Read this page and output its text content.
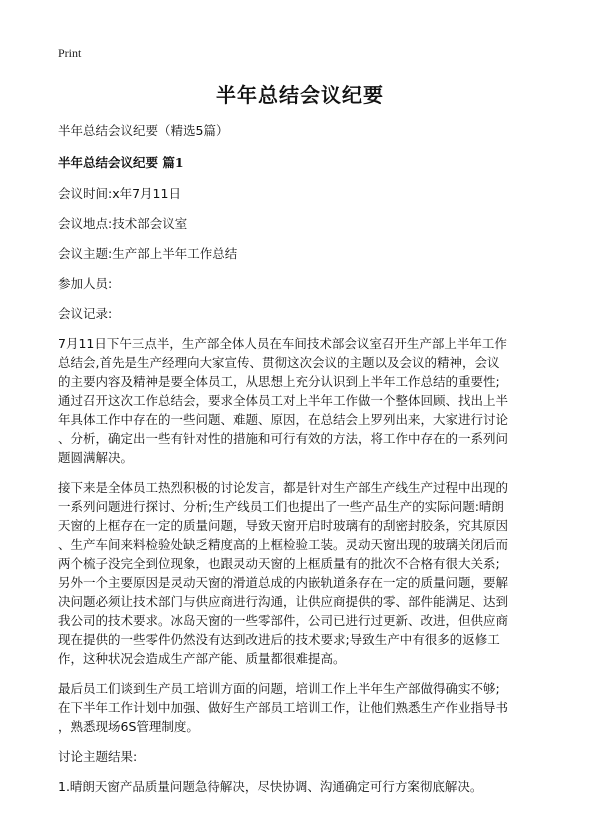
Print
半年总结会议纪要

半年总结会议纪要（精选5篇）

半年总结会议纪要 篇1

会议时间:x年7月11日

会议地点:技术部会议室

会议主题:生产部上半年工作总结

参加人员:

会议记录:

7月11日下午三点半，生产部全体人员在车间技术部会议室召开生产部上半年工作
总结会,首先是生产经理向大家宣传、贯彻这次会议的主题以及会议的精神，会议
的主要内容及精神是要全体员工，从思想上充分认识到上半年工作总结的重要性;
通过召开这次工作总结会，要求全体员工对上半年工作做一个整体回顾、找出上半
年具体工作中存在的一些问题、难题、原因，在总结会上罗列出来，大家进行讨论
、分析，确定出一些有针对性的措施和可行有效的方法，将工作中存在的一系列问
题圆满解决。
接下来是全体员工热烈积极的讨论发言，都是针对生产部生产线生产过程中出现的
一系列问题进行探讨、分析;生产线员工们也提出了一些产品生产的实际问题:晴朗
天窗的上框存在一定的质量问题，导致天窗开启时玻璃有的刮密封胶条，究其原因
、生产车间来料检验处缺乏精度高的上框检验工装。灵动天窗出现的玻璃关闭后而
两个梳子没完全到位现象，也跟灵动天窗的上框质量有的批次不合格有很大关系;
另外一个主要原因是灵动天窗的滑道总成的内嵌轨道条存在一定的质量问题，要解
决问题必须让技术部门与供应商进行沟通，让供应商提供的零、部件能满足、达到
我公司的技术要求。冰岛天窗的一些零部件，公司已进行过更新、改进，但供应商
现在提供的一些零件仍然没有达到改进后的技术要求;导致生产中有很多的返修工
作，这种状况会造成生产部产能、质量都很难提高。
最后员工们谈到生产员工培训方面的问题，培训工作上半年生产部做得确实不够;
在下半年工作计划中加强、做好生产部员工培训工作，让他们熟悉生产作业指导书
，熟悉现场6S管理制度。

讨论主题结果:

1.晴朗天窗产品质量问题急待解决，尽快协调、沟通确定可行方案彻底解决。
